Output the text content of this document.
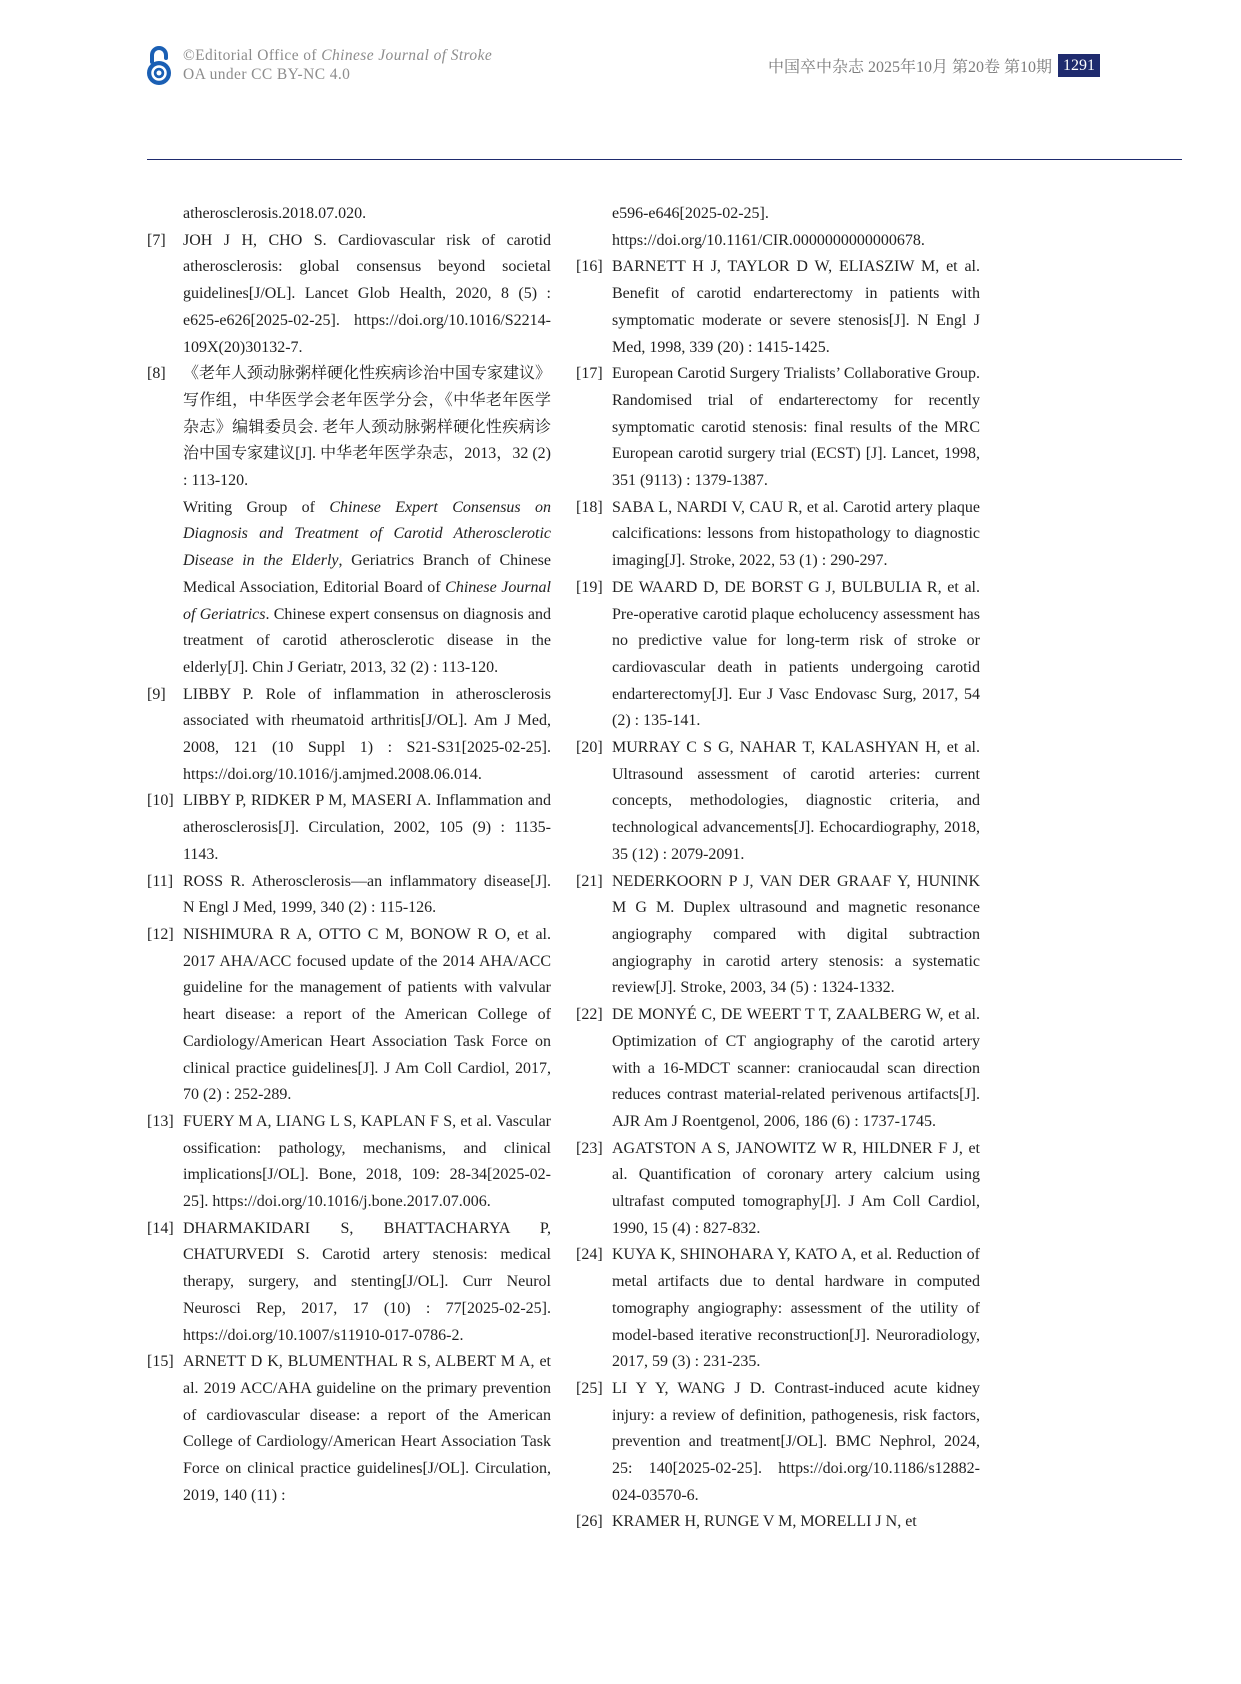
©Editorial Office of Chinese Journal of Stroke
OA under CC BY-NC 4.0	中国卒中杂志 2025年10月 第20卷 第10期 1291
atherosclerosis.2018.07.020.
[7] JOH J H, CHO S. Cardiovascular risk of carotid atherosclerosis: global consensus beyond societal guidelines[J/OL]. Lancet Glob Health, 2020, 8 (5) : e625-e626[2025-02-25]. https://doi.org/10.1016/S2214-109X(20)30132-7.
[8] 《老年人颈动脉粥样硬化性疾病诊治中国专家建议》写作组，中华医学会老年医学分会，《中华老年医学杂志》编辑委员会. 老年人颈动脉粥样硬化性疾病诊治中国专家建议[J]. 中华老年医学杂志，2013，32 (2) : 113-120.
Writing Group of Chinese Expert Consensus on Diagnosis and Treatment of Carotid Atherosclerotic Disease in the Elderly, Geriatrics Branch of Chinese Medical Association, Editorial Board of Chinese Journal of Geriatrics. Chinese expert consensus on diagnosis and treatment of carotid atherosclerotic disease in the elderly[J]. Chin J Geriatr, 2013, 32 (2) : 113-120.
[9] LIBBY P. Role of inflammation in atherosclerosis associated with rheumatoid arthritis[J/OL]. Am J Med, 2008, 121 (10 Suppl 1) : S21-S31[2025-02-25]. https://doi.org/10.1016/j.amjmed.2008.06.014.
[10] LIBBY P, RIDKER P M, MASERI A. Inflammation and atherosclerosis[J]. Circulation, 2002, 105 (9) : 1135-1143.
[11] ROSS R. Atherosclerosis—an inflammatory disease[J]. N Engl J Med, 1999, 340 (2) : 115-126.
[12] NISHIMURA R A, OTTO C M, BONOW R O, et al. 2017 AHA/ACC focused update of the 2014 AHA/ACC guideline for the management of patients with valvular heart disease: a report of the American College of Cardiology/American Heart Association Task Force on clinical practice guidelines[J]. J Am Coll Cardiol, 2017, 70 (2) : 252-289.
[13] FUERY M A, LIANG L S, KAPLAN F S, et al. Vascular ossification: pathology, mechanisms, and clinical implications[J/OL]. Bone, 2018, 109: 28-34[2025-02-25]. https://doi.org/10.1016/j.bone.2017.07.006.
[14] DHARMAKIDARI S, BHATTACHARYA P, CHATURVEDI S. Carotid artery stenosis: medical therapy, surgery, and stenting[J/OL]. Curr Neurol Neurosci Rep, 2017, 17 (10) : 77[2025-02-25]. https://doi.org/10.1007/s11910-017-0786-2.
[15] ARNETT D K, BLUMENTHAL R S, ALBERT M A, et al. 2019 ACC/AHA guideline on the primary prevention of cardiovascular disease: a report of the American College of Cardiology/American Heart Association Task Force on clinical practice guidelines[J/OL]. Circulation, 2019, 140 (11) :
e596-e646[2025-02-25]. https://doi.org/10.1161/CIR.0000000000000678.
[16] BARNETT H J, TAYLOR D W, ELIASZIW M, et al. Benefit of carotid endarterectomy in patients with symptomatic moderate or severe stenosis[J]. N Engl J Med, 1998, 339 (20) : 1415-1425.
[17] European Carotid Surgery Trialists’ Collaborative Group. Randomised trial of endarterectomy for recently symptomatic carotid stenosis: final results of the MRC European carotid surgery trial (ECST) [J]. Lancet, 1998, 351 (9113) : 1379-1387.
[18] SABA L, NARDI V, CAU R, et al. Carotid artery plaque calcifications: lessons from histopathology to diagnostic imaging[J]. Stroke, 2022, 53 (1) : 290-297.
[19] DE WAARD D, DE BORST G J, BULBULIA R, et al. Pre-operative carotid plaque echolucency assessment has no predictive value for long-term risk of stroke or cardiovascular death in patients undergoing carotid endarterectomy[J]. Eur J Vasc Endovasc Surg, 2017, 54 (2) : 135-141.
[20] MURRAY C S G, NAHAR T, KALASHYAN H, et al. Ultrasound assessment of carotid arteries: current concepts, methodologies, diagnostic criteria, and technological advancements[J]. Echocardiography, 2018, 35 (12) : 2079-2091.
[21] NEDERKOORN P J, VAN DER GRAAF Y, HUNINK M G M. Duplex ultrasound and magnetic resonance angiography compared with digital subtraction angiography in carotid artery stenosis: a systematic review[J]. Stroke, 2003, 34 (5) : 1324-1332.
[22] DE MONYÉ C, DE WEERT T T, ZAALBERG W, et al. Optimization of CT angiography of the carotid artery with a 16-MDCT scanner: craniocaudal scan direction reduces contrast material-related perivenous artifacts[J]. AJR Am J Roentgenol, 2006, 186 (6) : 1737-1745.
[23] AGATSTON A S, JANOWITZ W R, HILDNER F J, et al. Quantification of coronary artery calcium using ultrafast computed tomography[J]. J Am Coll Cardiol, 1990, 15 (4) : 827-832.
[24] KUYA K, SHINOHARA Y, KATO A, et al. Reduction of metal artifacts due to dental hardware in computed tomography angiography: assessment of the utility of model-based iterative reconstruction[J]. Neuroradiology, 2017, 59 (3) : 231-235.
[25] LI Y Y, WANG J D. Contrast-induced acute kidney injury: a review of definition, pathogenesis, risk factors, prevention and treatment[J/OL]. BMC Nephrol, 2024, 25: 140[2025-02-25]. https://doi.org/10.1186/s12882-024-03570-6.
[26] KRAMER H, RUNGE V M, MORELLI J N, et
